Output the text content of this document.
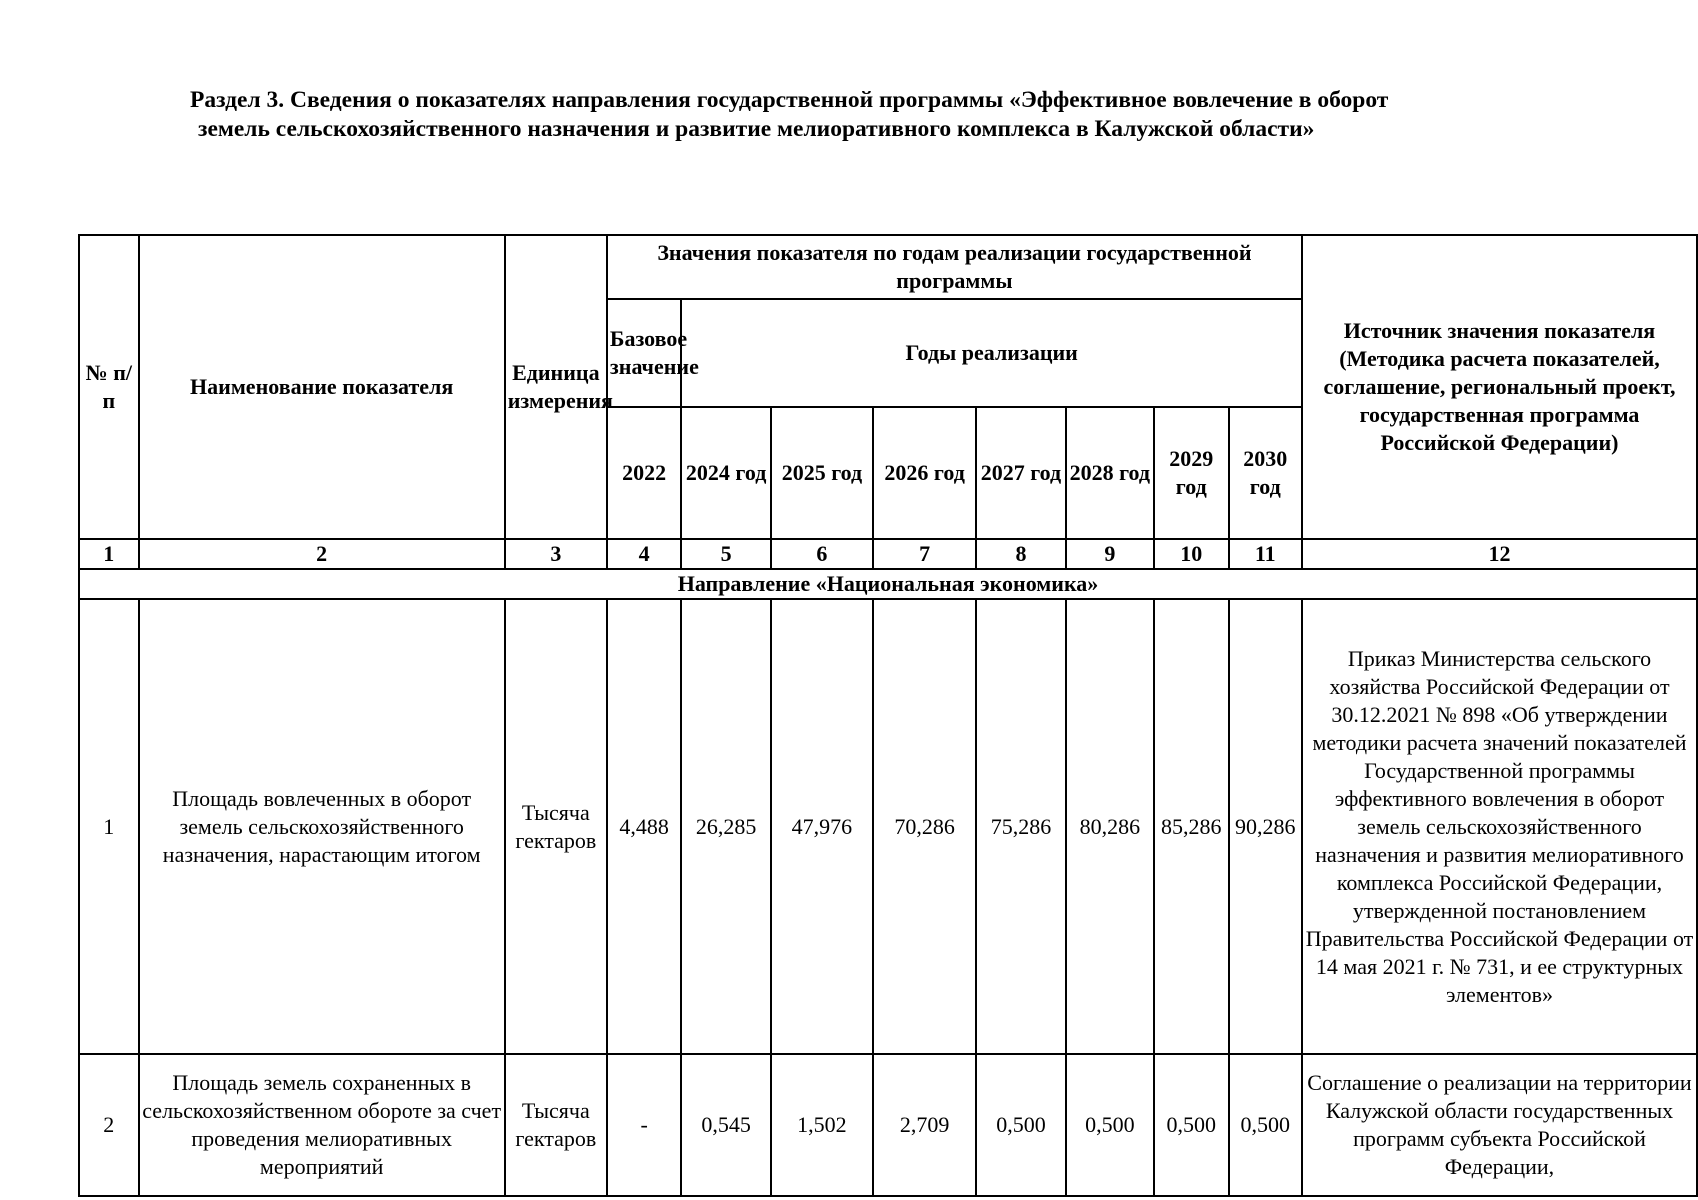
Раздел 3. Сведения о показателях направления государственной программы «Эффективное вовлечение в оборот
земель сельскохозяйственного назначения и развитие мелиоративного комплекса в Калужской области»
№ п/п	Наименование показателя	Единица измерения	Значения показателя по годам реализации государственной программы								Источник значения показателя (Методика расчета показателей, соглашение, региональный проект, государственная программа Российской Федерации)
			Базовое значение	Годы реализации							
			2022	2024 год	2025 год	2026 год	2027 год	2028 год	2029 год	2030 год	
1	2	3	4	5	6	7	8	9	10	11	12
Направление «Национальная экономика»											
1	Площадь вовлеченных в оборот земель сельскохозяйственного назначения, нарастающим итогом	Тысяча гектаров	4,488	26,285	47,976	70,286	75,286	80,286	85,286	90,286	Приказ Министерства сельского хозяйства Российской Федерации от 30.12.2021 № 898 «Об утверждении методики расчета значений показателей Государственной программы эффективного вовлечения в оборот земель сельскохозяйственного назначения и развития мелиоративного комплекса Российской Федерации, утвержденной постановлением Правительства Российской Федерации от 14 мая 2021 г. № 731, и ее структурных элементов»
2	Площадь земель сохраненных в сельскохозяйственном обороте за счет проведения мелиоративных мероприятий	Тысяча гектаров	-	0,545	1,502	2,709	0,500	0,500	0,500	0,500	Соглашение о реализации на территории Калужской области государственных программ субъекта Российской Федерации,
